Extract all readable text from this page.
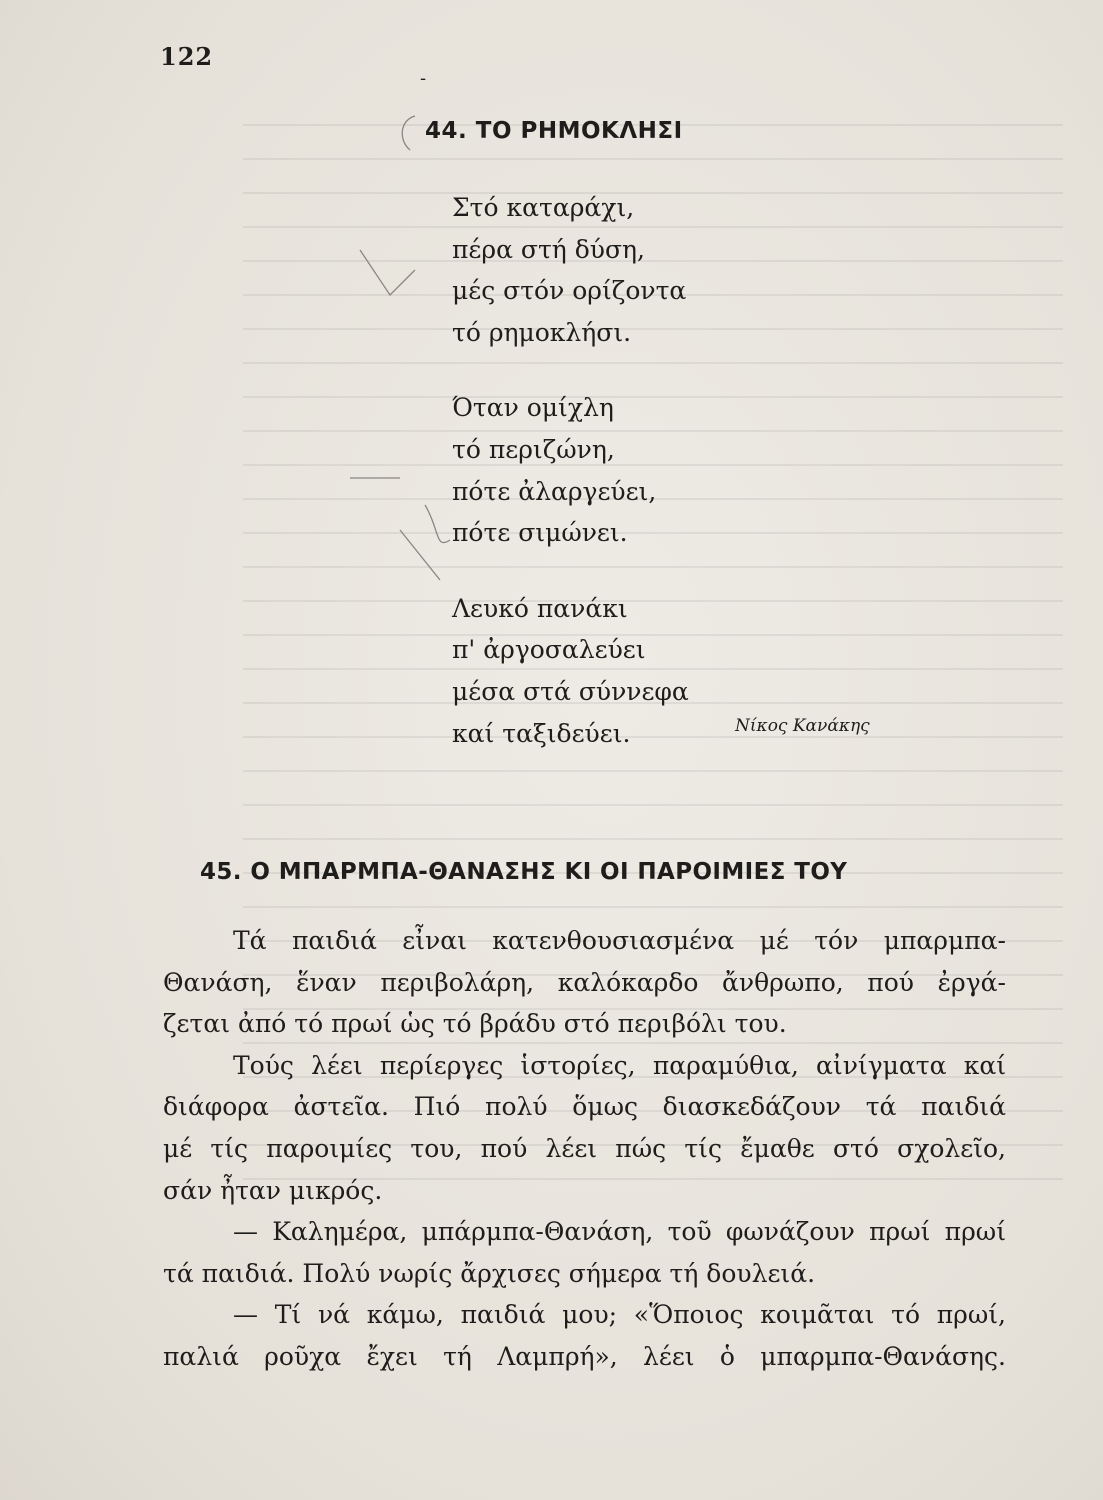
122
-
44. ΤΟ ΡΗΜΟΚΛΗΣΙ
Στό καταράχι,
πέρα στή δύση,
μές στόν ορίζοντα
τό ρημοκλήσι.
Όταν ομίχλη
τό περιζώνη,
πότε ἀλαργεύει,
πότε σιμώνει.
Λευκό πανάκι
π' ἀργοσαλεύει
μέσα στά σύννεφα
καί ταξιδεύει.	Νίκος Κανάκης
45. Ο ΜΠΑΡΜΠΑ-ΘΑΝΑΣΗΣ ΚΙ ΟΙ ΠΑΡΟΙΜΙΕΣ ΤΟΥ
Τά παιδιά εἶναι κατενθουσιασμένα μέ τόν μπαρμπα-
Θανάση, ἕναν περιβολάρη, καλόκαρδο ἄνθρωπο, πού ἐργά-
ζεται ἀπό τό πρωί ὡς τό βράδυ στό περιβόλι του.
Τούς λέει περίεργες ἱστορίες, παραμύθια, αἰνίγματα καί
διάφορα ἀστεῖα. Πιό πολύ ὅμως διασκεδάζουν τά παιδιά
μέ τίς παροιμίες του, πού λέει πώς τίς ἔμαθε στό σχολεῖο,
σάν ἦταν μικρός.
— Καλημέρα, μπάρμπα-Θανάση, τοῦ φωνάζουν πρωί πρωί
τά παιδιά. Πολύ νωρίς ἄρχισες σήμερα τή δουλειά.
— Τί νά κάμω, παιδιά μου; «Ὅποιος κοιμᾶται τό πρωί,
παλιά ροῦχα ἔχει τή Λαμπρή», λέει ὁ μπαρμπα-Θανάσης.
